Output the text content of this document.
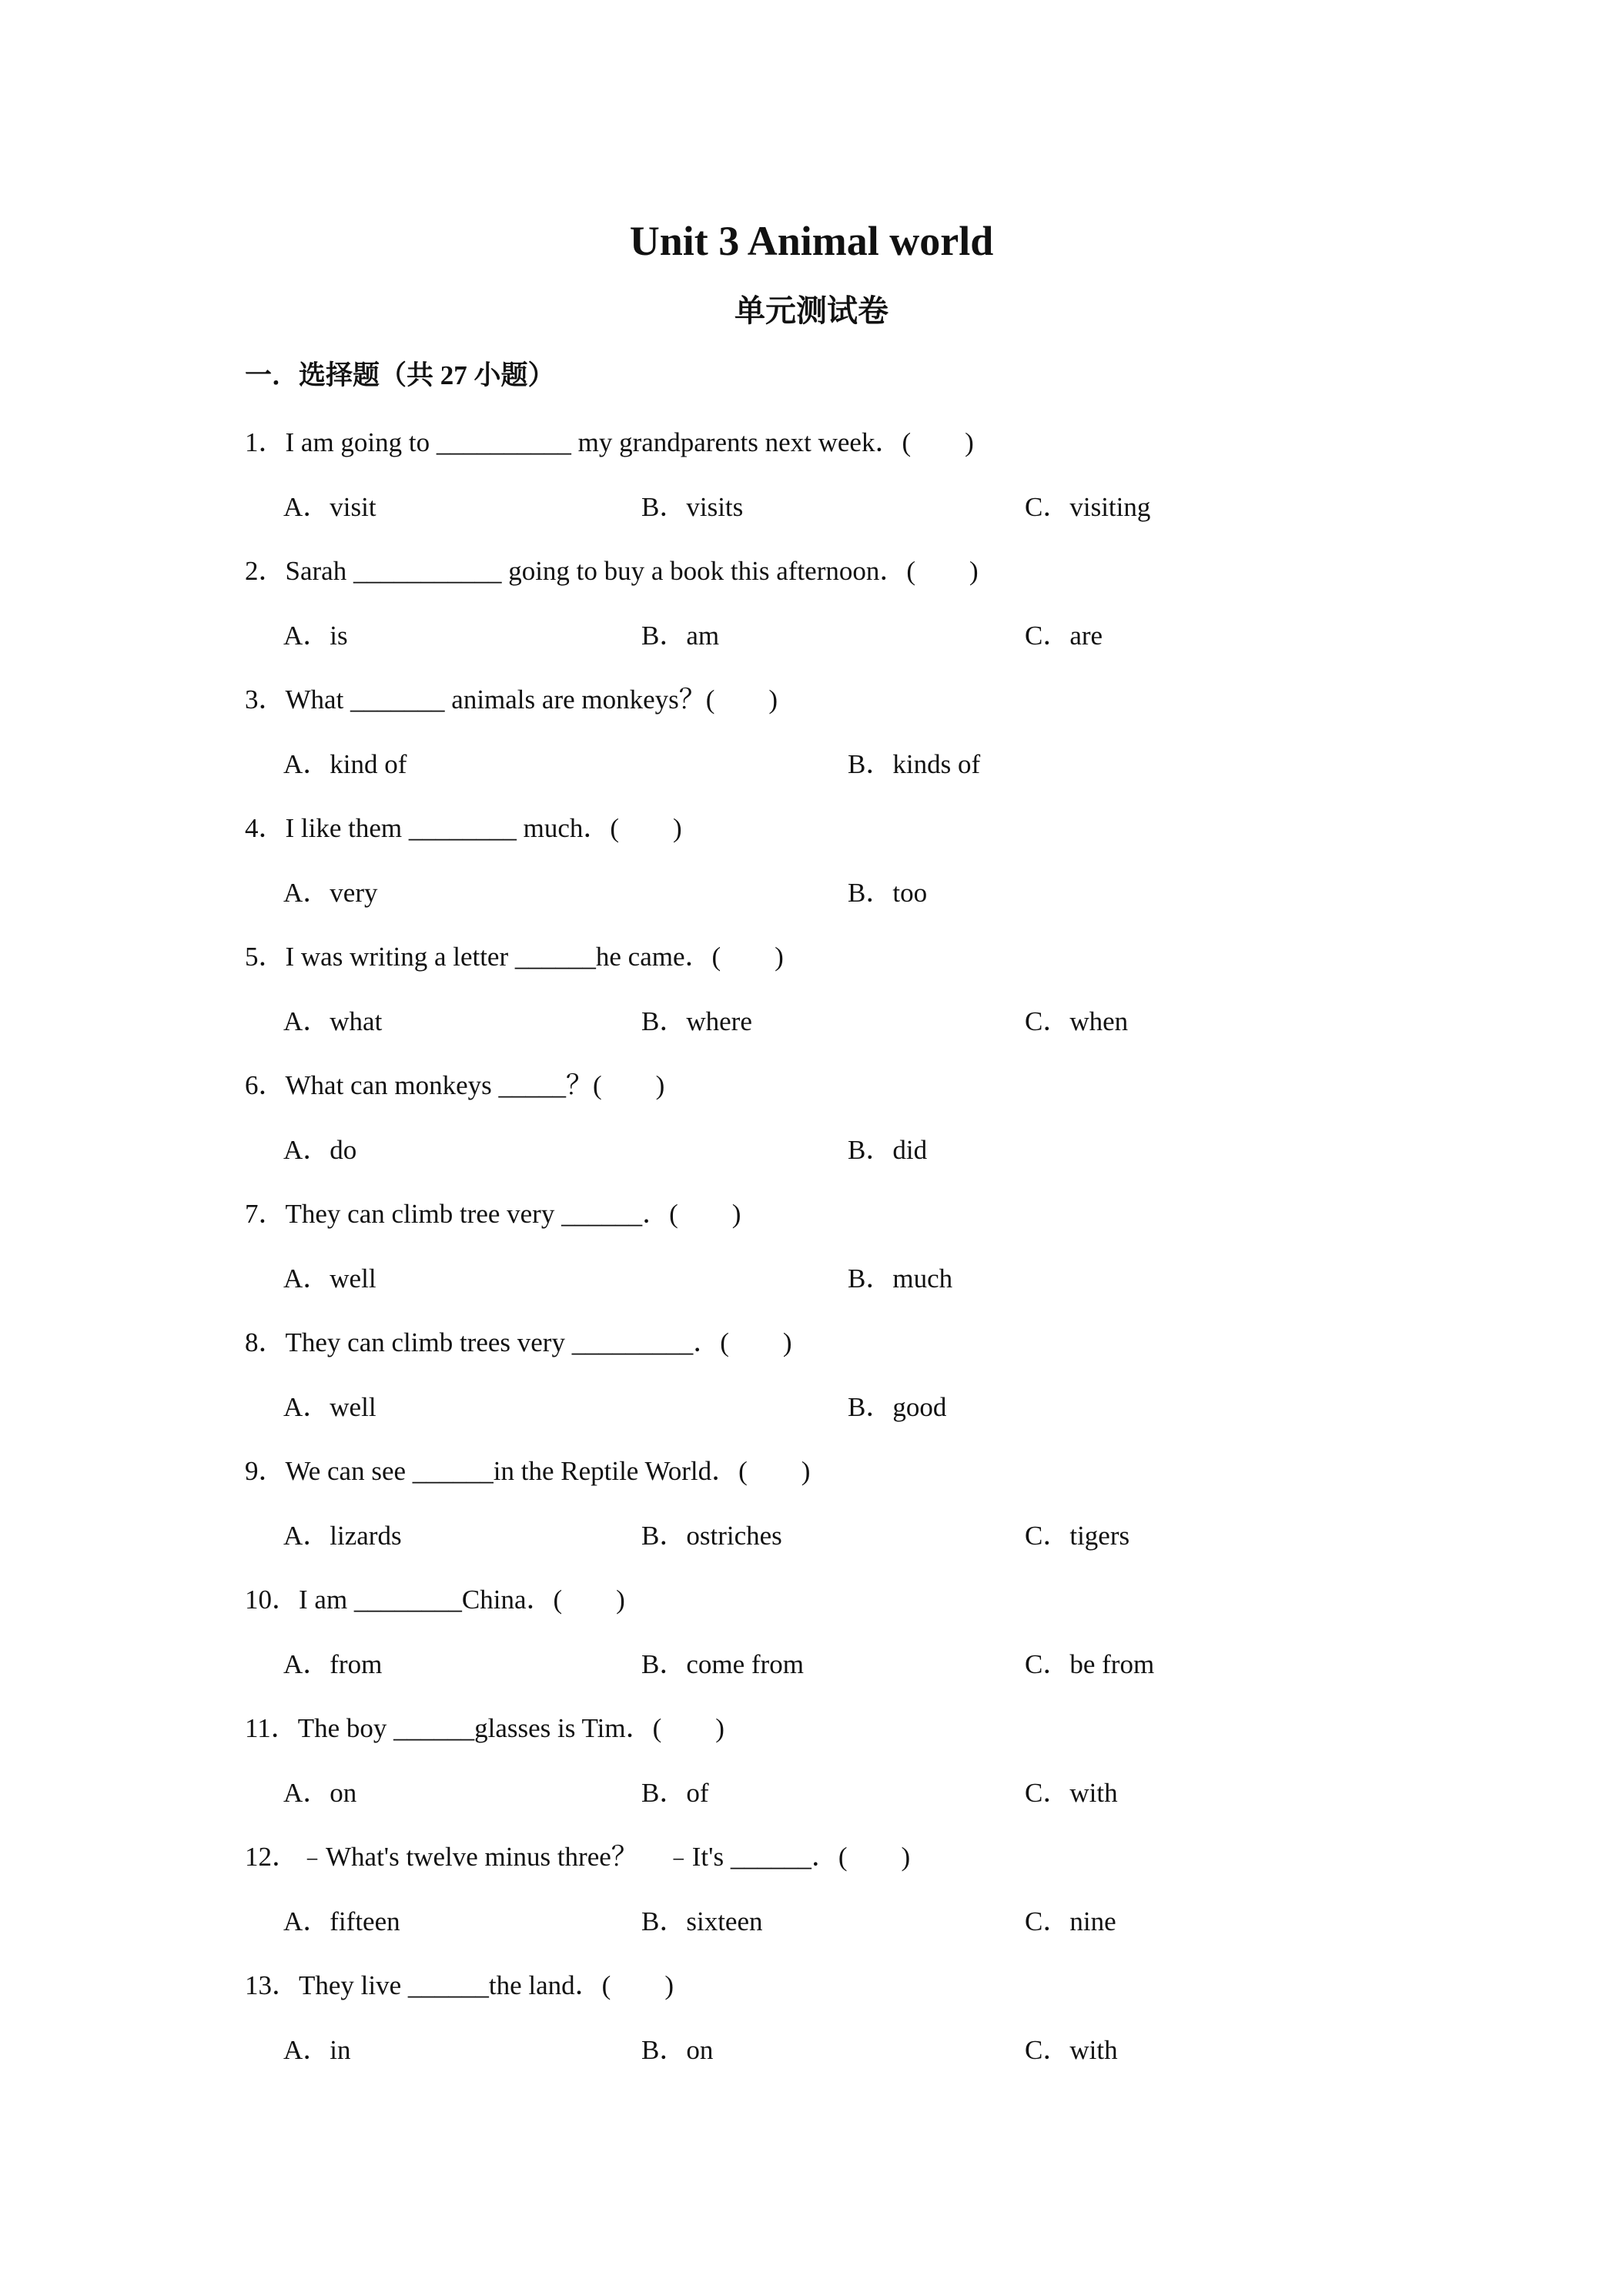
Unit 3 Animal world
单元测试卷
一．选择题（共 27 小题）
1．I am going to __________ my grandparents next week．(　　)
A．visit	B．visits	C．visiting
2．Sarah ___________ going to buy a book this afternoon．(　　)
A．is	B．am	C．are
3．What _______ animals are monkeys？(　　)
A．kind of	B．kinds of
4．I like them ________ much．(　　)
A．very	B．too
5．I was writing a letter ______he came．(　　)
A．what	B．where	C．when
6．What can monkeys _____？(　　)
A．do	B．did
7．They can climb tree very ______．(　　)
A．well	B．much
8．They can climb trees very _________．(　　)
A．well	B．good
9．We can see ______in the Reptile World．(　　)
A．lizards	B．ostriches	C．tigers
10．I am ________China．(　　)
A．from	B．come from	C．be from
11．The boy ______glasses is Tim．(　　)
A．on	B．of	C．with
12．﹣What's twelve minus three？　﹣It's ______．(　　)
A．fifteen	B．sixteen	C．nine
13．They live ______the land．(　　)
A．in	B．on	C．with
